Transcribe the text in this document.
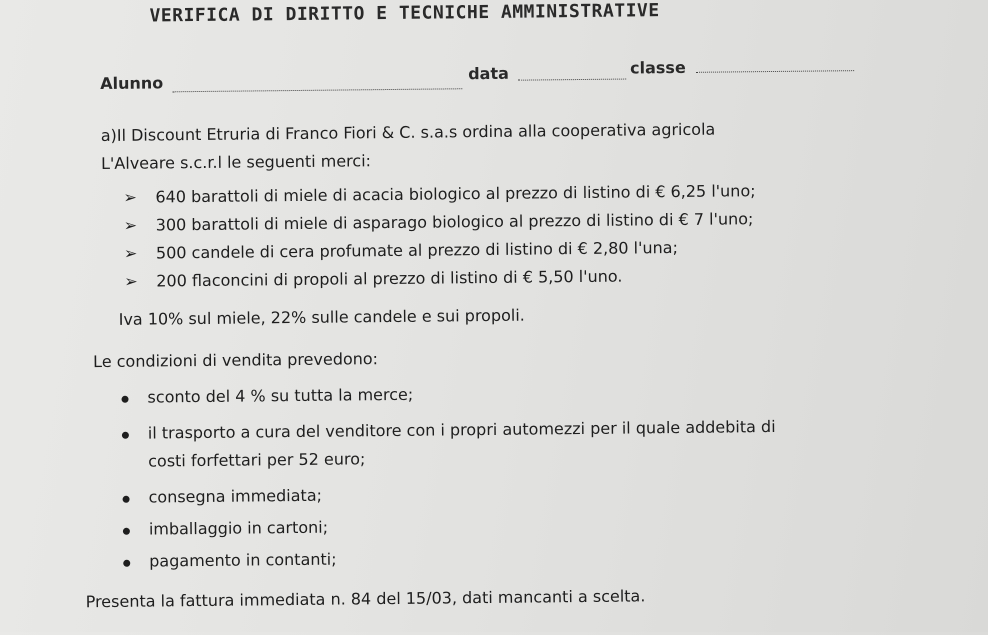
VERIFICA DI DIRITTO E TECNICHE AMMINISTRATIVE
Alunno	data	classe
a)Il Discount Etruria di Franco Fiori & C. s.a.s ordina alla cooperativa agricola
L'Alveare s.c.r.l le seguenti merci:
➢ 640 barattoli di miele di acacia biologico al prezzo di listino di € 6,25 l'uno;
➢ 300 barattoli di miele di asparago biologico al prezzo di listino di € 7 l'uno;
➢ 500 candele di cera profumate al prezzo di listino di € 2,80 l'una;
➢ 200 flaconcini di propoli al prezzo di listino di € 5,50 l'uno.
Iva 10% sul miele, 22% sulle candele e sui propoli.
Le condizioni di vendita prevedono:
sconto del 4 % su tutta la merce;
il trasporto a cura del venditore con i propri automezzi per il quale addebita di
costi forfettari per 52 euro;
consegna immediata;
imballaggio in cartoni;
pagamento in contanti;
Presenta la fattura immediata n. 84 del 15/03, dati mancanti a scelta.
